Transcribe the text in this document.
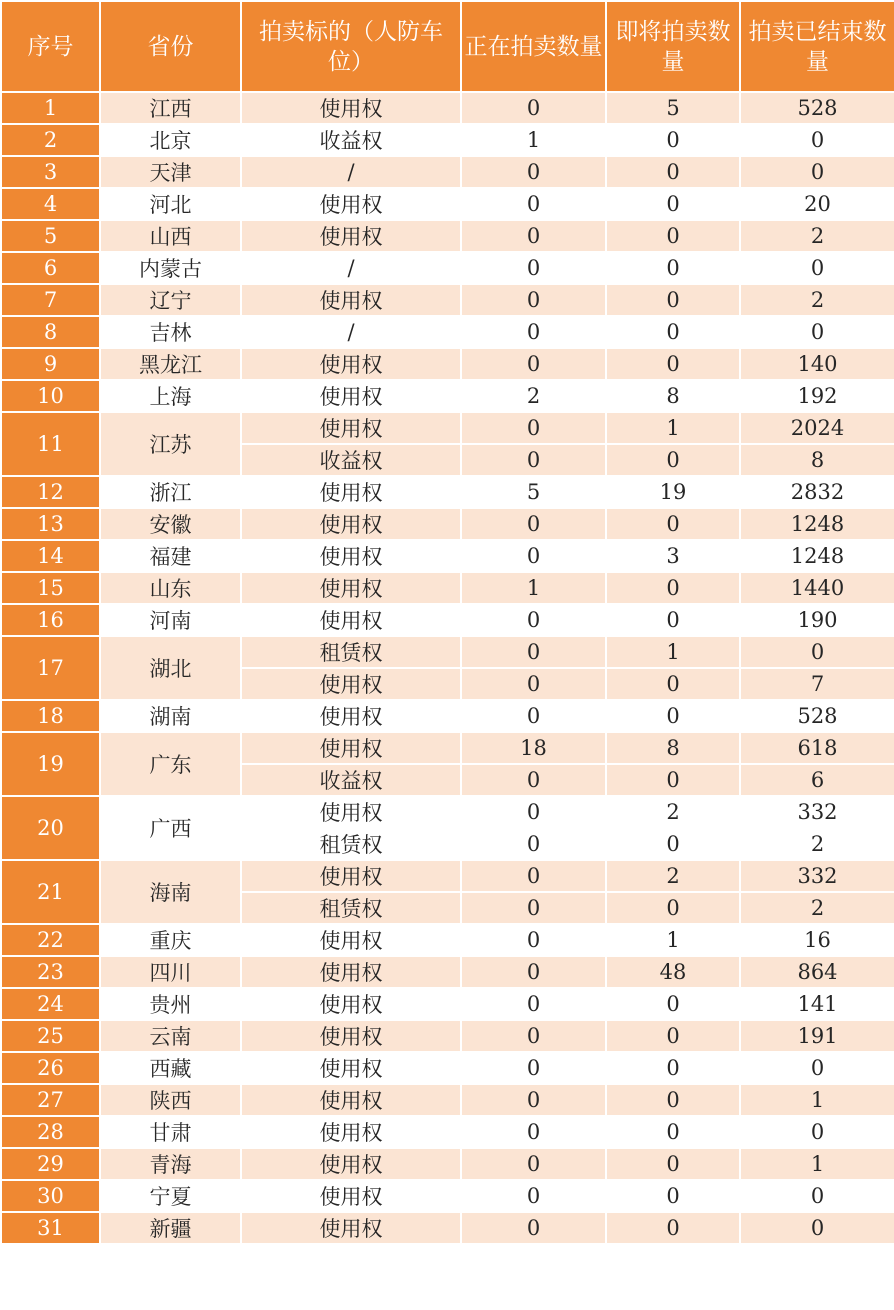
序号	省份	拍卖标的（人防车位）	正在拍卖数量	即将拍卖数量	拍卖已结束数量
1	江西	使用权	0	5	528
2	北京	收益权	1	0	0
3	天津	/	0	0	0
4	河北	使用权	0	0	20
5	山西	使用权	0	0	2
6	内蒙古	/	0	0	0
7	辽宁	使用权	0	0	2
8	吉林	/	0	0	0
9	黑龙江	使用权	0	0	140
10	上海	使用权	2	8	192
11	江苏	使用权	0	1	2024
		收益权	0	0	8
12	浙江	使用权	5	19	2832
13	安徽	使用权	0	0	1248
14	福建	使用权	0	3	1248
15	山东	使用权	1	0	1440
16	河南	使用权	0	0	190
17	湖北	租赁权	0	1	0
		使用权	0	0	7
18	湖南	使用权	0	0	528
19	广东	使用权	18	8	618
		收益权	0	0	6
20	广西	使用权	0	2	332
		租赁权	0	0	2
21	海南	使用权	0	2	332
		租赁权	0	0	2
22	重庆	使用权	0	1	16
23	四川	使用权	0	48	864
24	贵州	使用权	0	0	141
25	云南	使用权	0	0	191
26	西藏	使用权	0	0	0
27	陕西	使用权	0	0	1
28	甘肃	使用权	0	0	0
29	青海	使用权	0	0	1
30	宁夏	使用权	0	0	0
31	新疆	使用权	0	0	0
